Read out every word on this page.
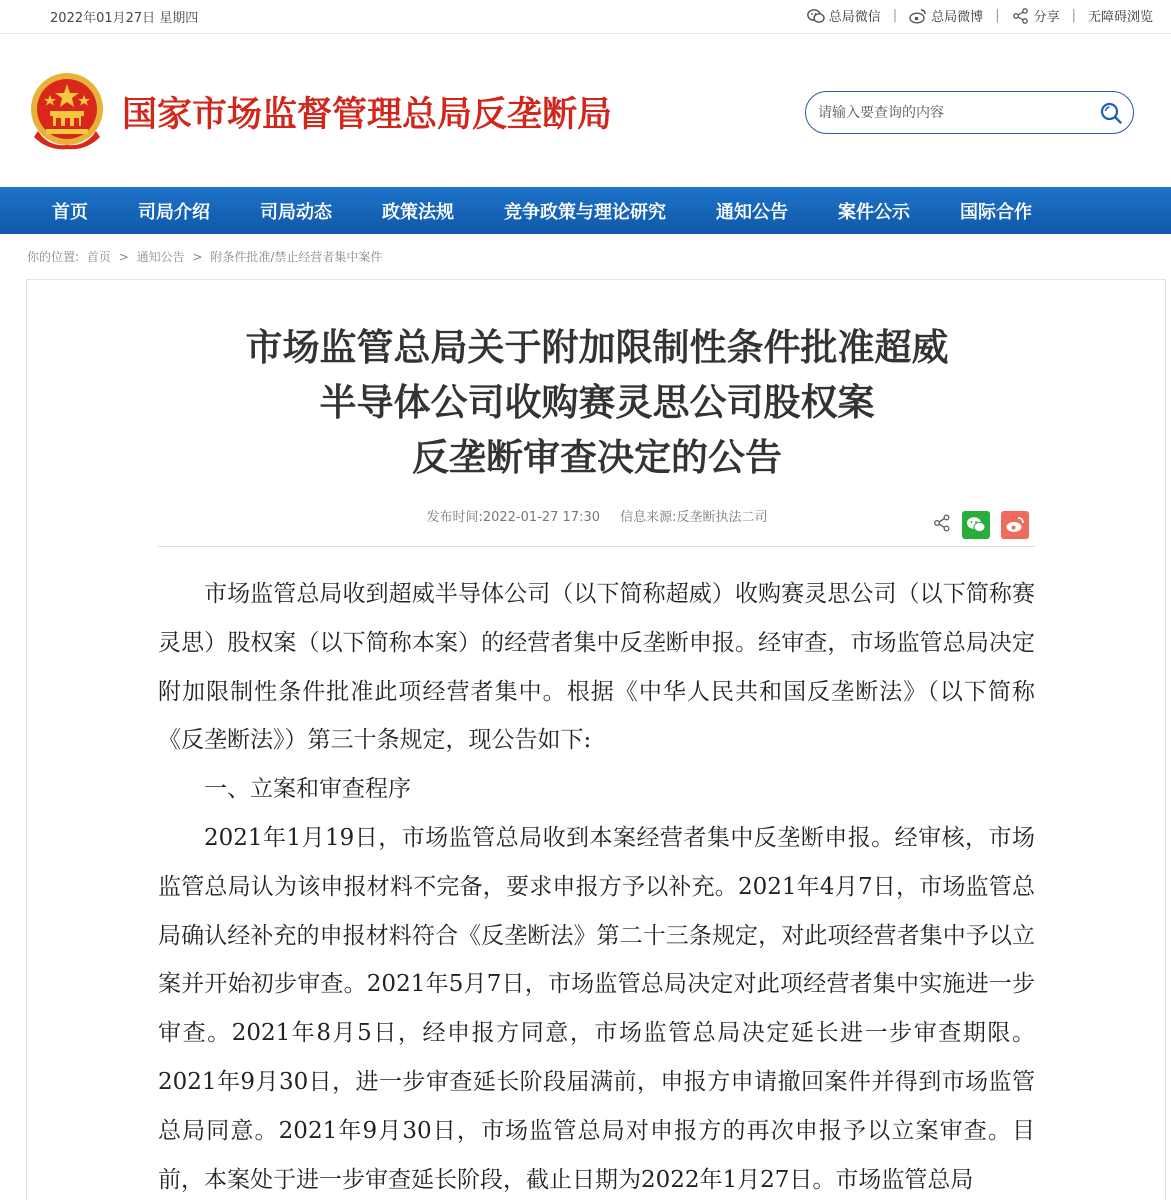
2022年01月27日 星期四	总局微信 |	总局微博 |	分享 | 无障碍浏览
国家市场监督管理总局反垄断局
请输入要查询的内容
首页	司局介绍	司局动态	政策法规	竞争政策与理论研究	通知公告	案件公示	国际合作
你的位置: 首页 > 通知公告 > 附条件批准/禁止经营者集中案件
市场监管总局关于附加限制性条件批准超威
半导体公司收购赛灵思公司股权案
反垄断审查决定的公告
发布时间:2022-01-27 17:30 信息来源:反垄断执法二司

市场监管总局收到超威半导体公司（以下简称超威）收购赛灵思公司（以下简称赛灵思）股权案（以下简称本案）的经营者集中反垄断申报。经审查，市场监管总局决定附加限制性条件批准此项经营者集中。根据《中华人民共和国反垄断法》（以下简称《反垄断法》）第三十条规定，现公告如下:

一、立案和审查程序

2021年1月19日，市场监管总局收到本案经营者集中反垄断申报。经审核，市场监管总局认为该申报材料不完备，要求申报方予以补充。2021年4月7日，市场监管总局确认经补充的申报材料符合《反垄断法》第二十三条规定，对此项经营者集中予以立案并开始初步审查。2021年5月7日，市场监管总局决定对此项经营者集中实施进一步审查。2021年8月5日，经申报方同意，市场监管总局决定延长进一步审查期限。2021年9月30日，进一步审查延长阶段届满前，申报方申请撤回案件并得到市场监管总局同意。2021年9月30日，市场监管总局对申报方的再次申报予以立案审查。目前，本案处于进一步审查延长阶段，截止日期为2022年1月27日。市场监管总局
